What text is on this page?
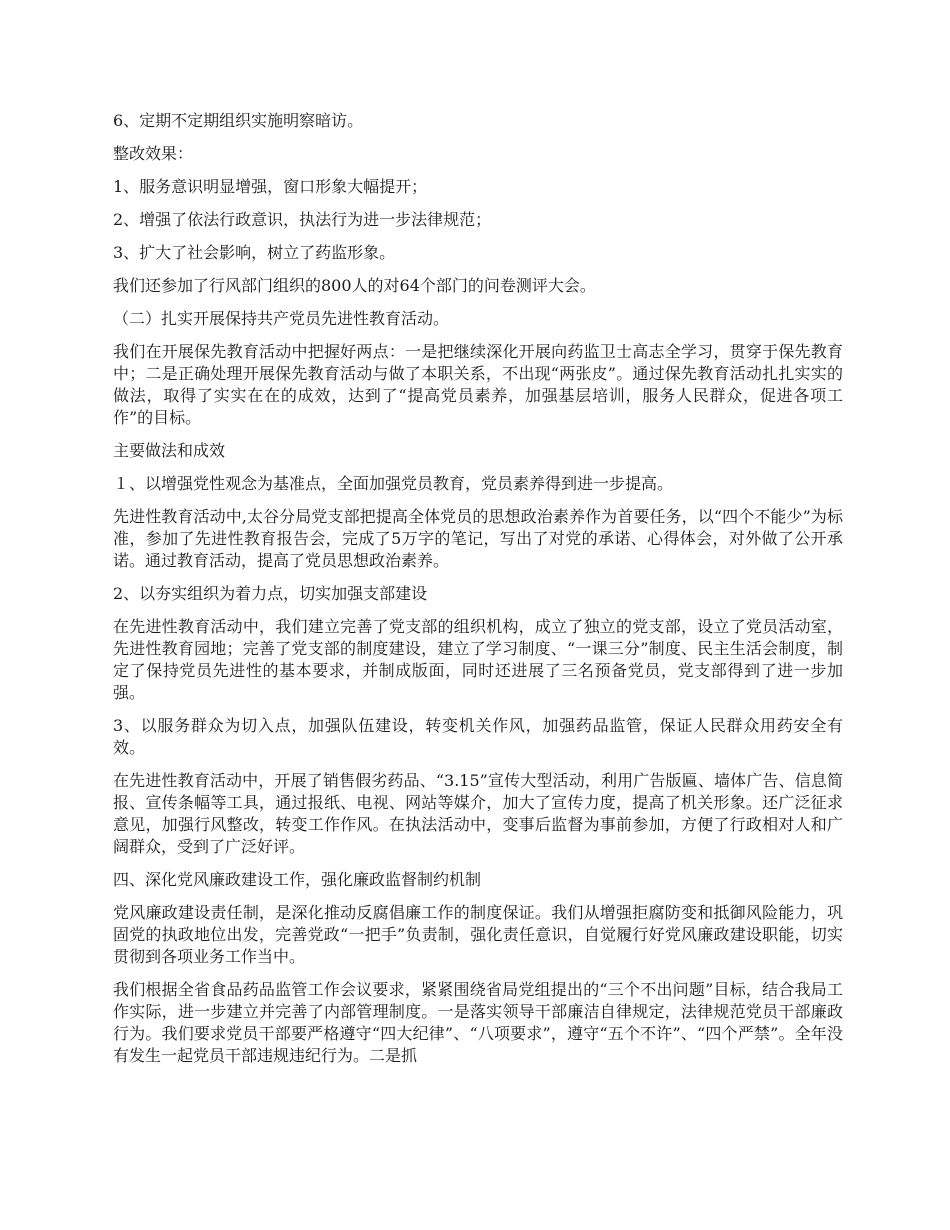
6、定期不定期组织实施明察暗访。

整改效果：

1、服务意识明显增强，窗口形象大幅提开；

2、增强了依法行政意识，执法行为进一步法律规范；

3、扩大了社会影响，树立了药监形象。

我们还参加了行风部门组织的800人的对64个部门的问卷测评大会。

（二）扎实开展保持共产党员先进性教育活动。

我们在开展保先教育活动中把握好两点：一是把继续深化开展向药监卫士高志全学习，贯穿于保先教育中；二是正确处理开展保先教育活动与做了本职关系，不出现“两张皮”。通过保先教育活动扎扎实实的做法，取得了实实在在的成效，达到了“提高党员素养，加强基层培训，服务人民群众，促进各项工作”的目标。

主要做法和成效

１、以增强党性观念为基准点，全面加强党员教育，党员素养得到进一步提高。

先进性教育活动中,太谷分局党支部把提高全体党员的思想政治素养作为首要任务，以“四个不能少”为标准，参加了先进性教育报告会，完成了5万字的笔记，写出了对党的承诺、心得体会，对外做了公开承诺。通过教育活动，提高了党员思想政治素养。

2、以夯实组织为着力点，切实加强支部建设

在先进性教育活动中，我们建立完善了党支部的组织机构，成立了独立的党支部，设立了党员活动室，先进性教育园地；完善了党支部的制度建设，建立了学习制度、“一课三分”制度、民主生活会制度，制定了保持党员先进性的基本要求，并制成版面，同时还进展了三名预备党员，党支部得到了进一步加强。

3、以服务群众为切入点，加强队伍建设，转变机关作风，加强药品监管，保证人民群众用药安全有效。

在先进性教育活动中，开展了销售假劣药品、“3.15”宣传大型活动，利用广告版匾、墙体广告、信息简报、宣传条幅等工具，通过报纸、电视、网站等媒介，加大了宣传力度，提高了机关形象。还广泛征求意见，加强行风整改，转变工作作风。在执法活动中，变事后监督为事前参加，方便了行政相对人和广阔群众，受到了广泛好评。

四、深化党风廉政建设工作，强化廉政监督制约机制

党风廉政建设责任制，是深化推动反腐倡廉工作的制度保证。我们从增强拒腐防变和抵御风险能力，巩固党的执政地位出发，完善党政“一把手”负责制，强化责任意识，自觉履行好党风廉政建设职能，切实贯彻到各项业务工作当中。

我们根据全省食品药品监管工作会议要求，紧紧围绕省局党组提出的“三个不出问题”目标，结合我局工作实际，进一步建立并完善了内部管理制度。一是落实领导干部廉洁自律规定，法律规范党员干部廉政行为。我们要求党员干部要严格遵守“四大纪律”、“八项要求”，遵守“五个不许”、“四个严禁”。全年没有发生一起党员干部违规违纪行为。二是抓
